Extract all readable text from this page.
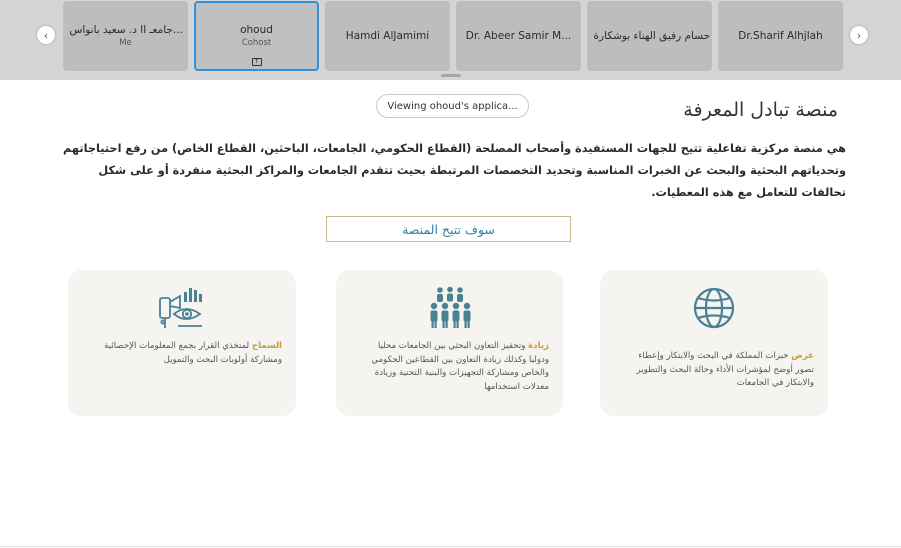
‹	د. سعيد بانواس ll جامعـ...
Me
ohoud
Cohost
↑
Hamdi AlJamimi	Dr. Abeer Samir M... حسام رفيق الهناء بوشكارة	Dr.Sharif Alhjlah	›
Viewing ohoud's applica...	منصة تبادل المعرفة
هي منصة مركزية تفاعلية تتيح للجهات المستفيدة وأصحاب المصلحة (القطاع الحكومي، الجامعات، الباحثين، القطاع الخاص) من رفع احتياجاتهم وتحدياتهم البحثية والبحث عن الخبرات المناسبة وتحديد التخصصات المرتبطة بحيث تتقدم الجامعات والمراكز البحثية منفردة أو على شكل تحالفات للتعامل مع هذه المعطيات.
سوف تتيح المنصة
عرض خبرات المملكة في البحث والابتكار وإعطاء تصور أوضح لمؤشرات الأداء وحالة البحث والتطوير والابتكار في الجامعات
زيادة وتحفيز التعاون البحثي بين الجامعات محليا ودوليا وكذلك زيادة التعاون بين القطاعين الحكومي والخاص ومشاركة التجهيزات والبنية التحتية وزيادة معدلات استخدامها
السماح لمتخذي القرار بجمع المعلومات الإحصائية ومشاركة أولويات البحث والتمويل
